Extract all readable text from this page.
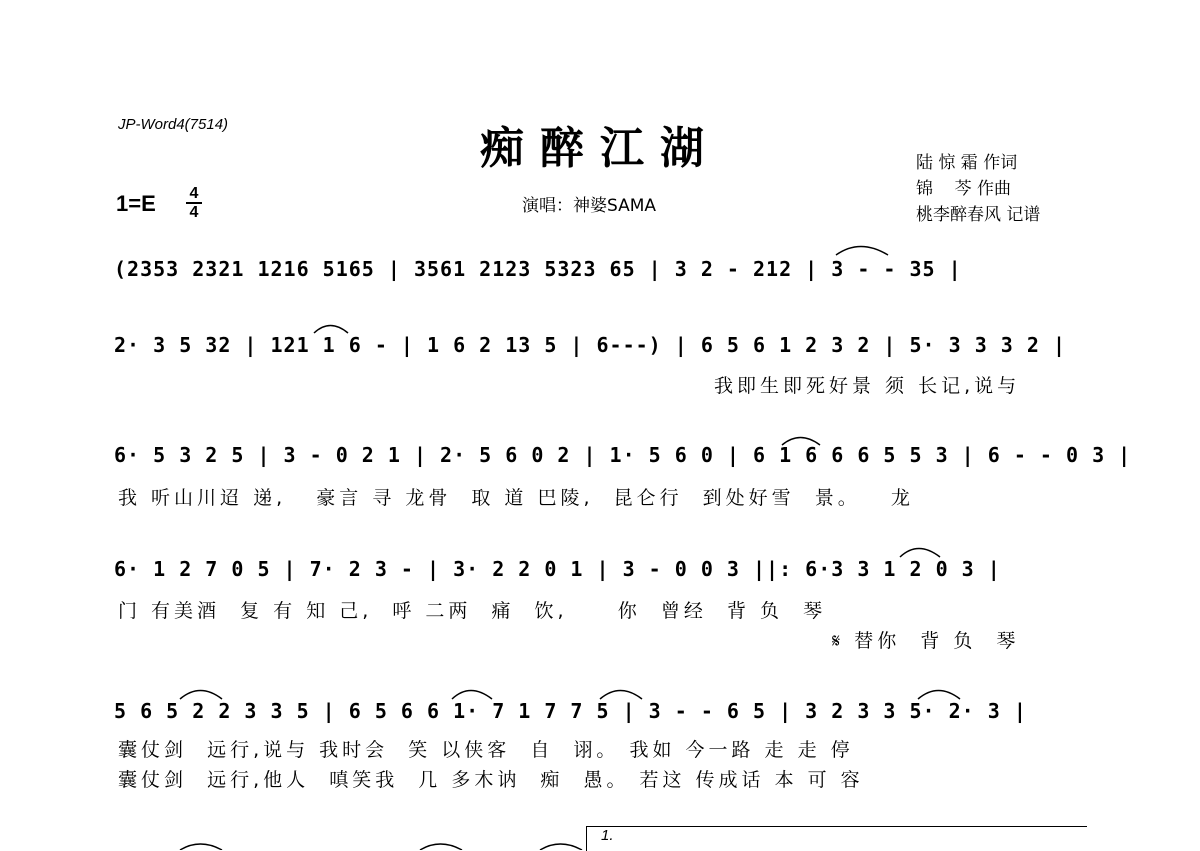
JP-Word4(7514)	痴醉江湖
1=E 4
4	演唱：神婆SAMA
陆 惊 霜 作词
锦    芩 作曲
桃李醉春风 记谱
(2353 2321 1216 5165 | 3561 2123 5323 65 | 3 2 - 212 | 3 - - 35 |
2· 3 5 32 | 121 1 6 - | 1 6 2 13 5 | 6---) | 6 5 6 1 2 3 2 | 5· 3 3 3 2 |
我即生即死好景 须 长记,说与
6· 5 3 2 5 | 3 - 0 2 1 | 2· 5 6 0 2 | 1· 5 6 0 | 6 1 6 6 6 5 5 3 | 6 - - 0 3 |
我 听山川迢 递,   豪言 寻 龙骨  取 道 巴陵,  昆仑行  到处好雪  景。   龙
6· 1 2 7 0 5 | 7· 2 3 - | 3· 2 2 0 1 | 3 - 0 0 3 ||: 6·3 3 1 2 0 3 |
门 有美酒  复 有 知 己,  呼 二两  痛  饮,     你  曾经  背 负  琴
𝄋 替你  背 负  琴
5 6 5 2 2 3 3 5 | 6 5 6 6 1· 7 1 7 7 5 | 3 - - 6 5 | 3 2 3 3 5· 2· 3 |
囊仗剑  远行,说与 我时会  笑 以侠客  自  诩。 我如 今一路 走 走 停
囊仗剑  远行,他人  嗔笑我  几 多木讷  痴  愚。 若这 传成话 本 可 容
1.
